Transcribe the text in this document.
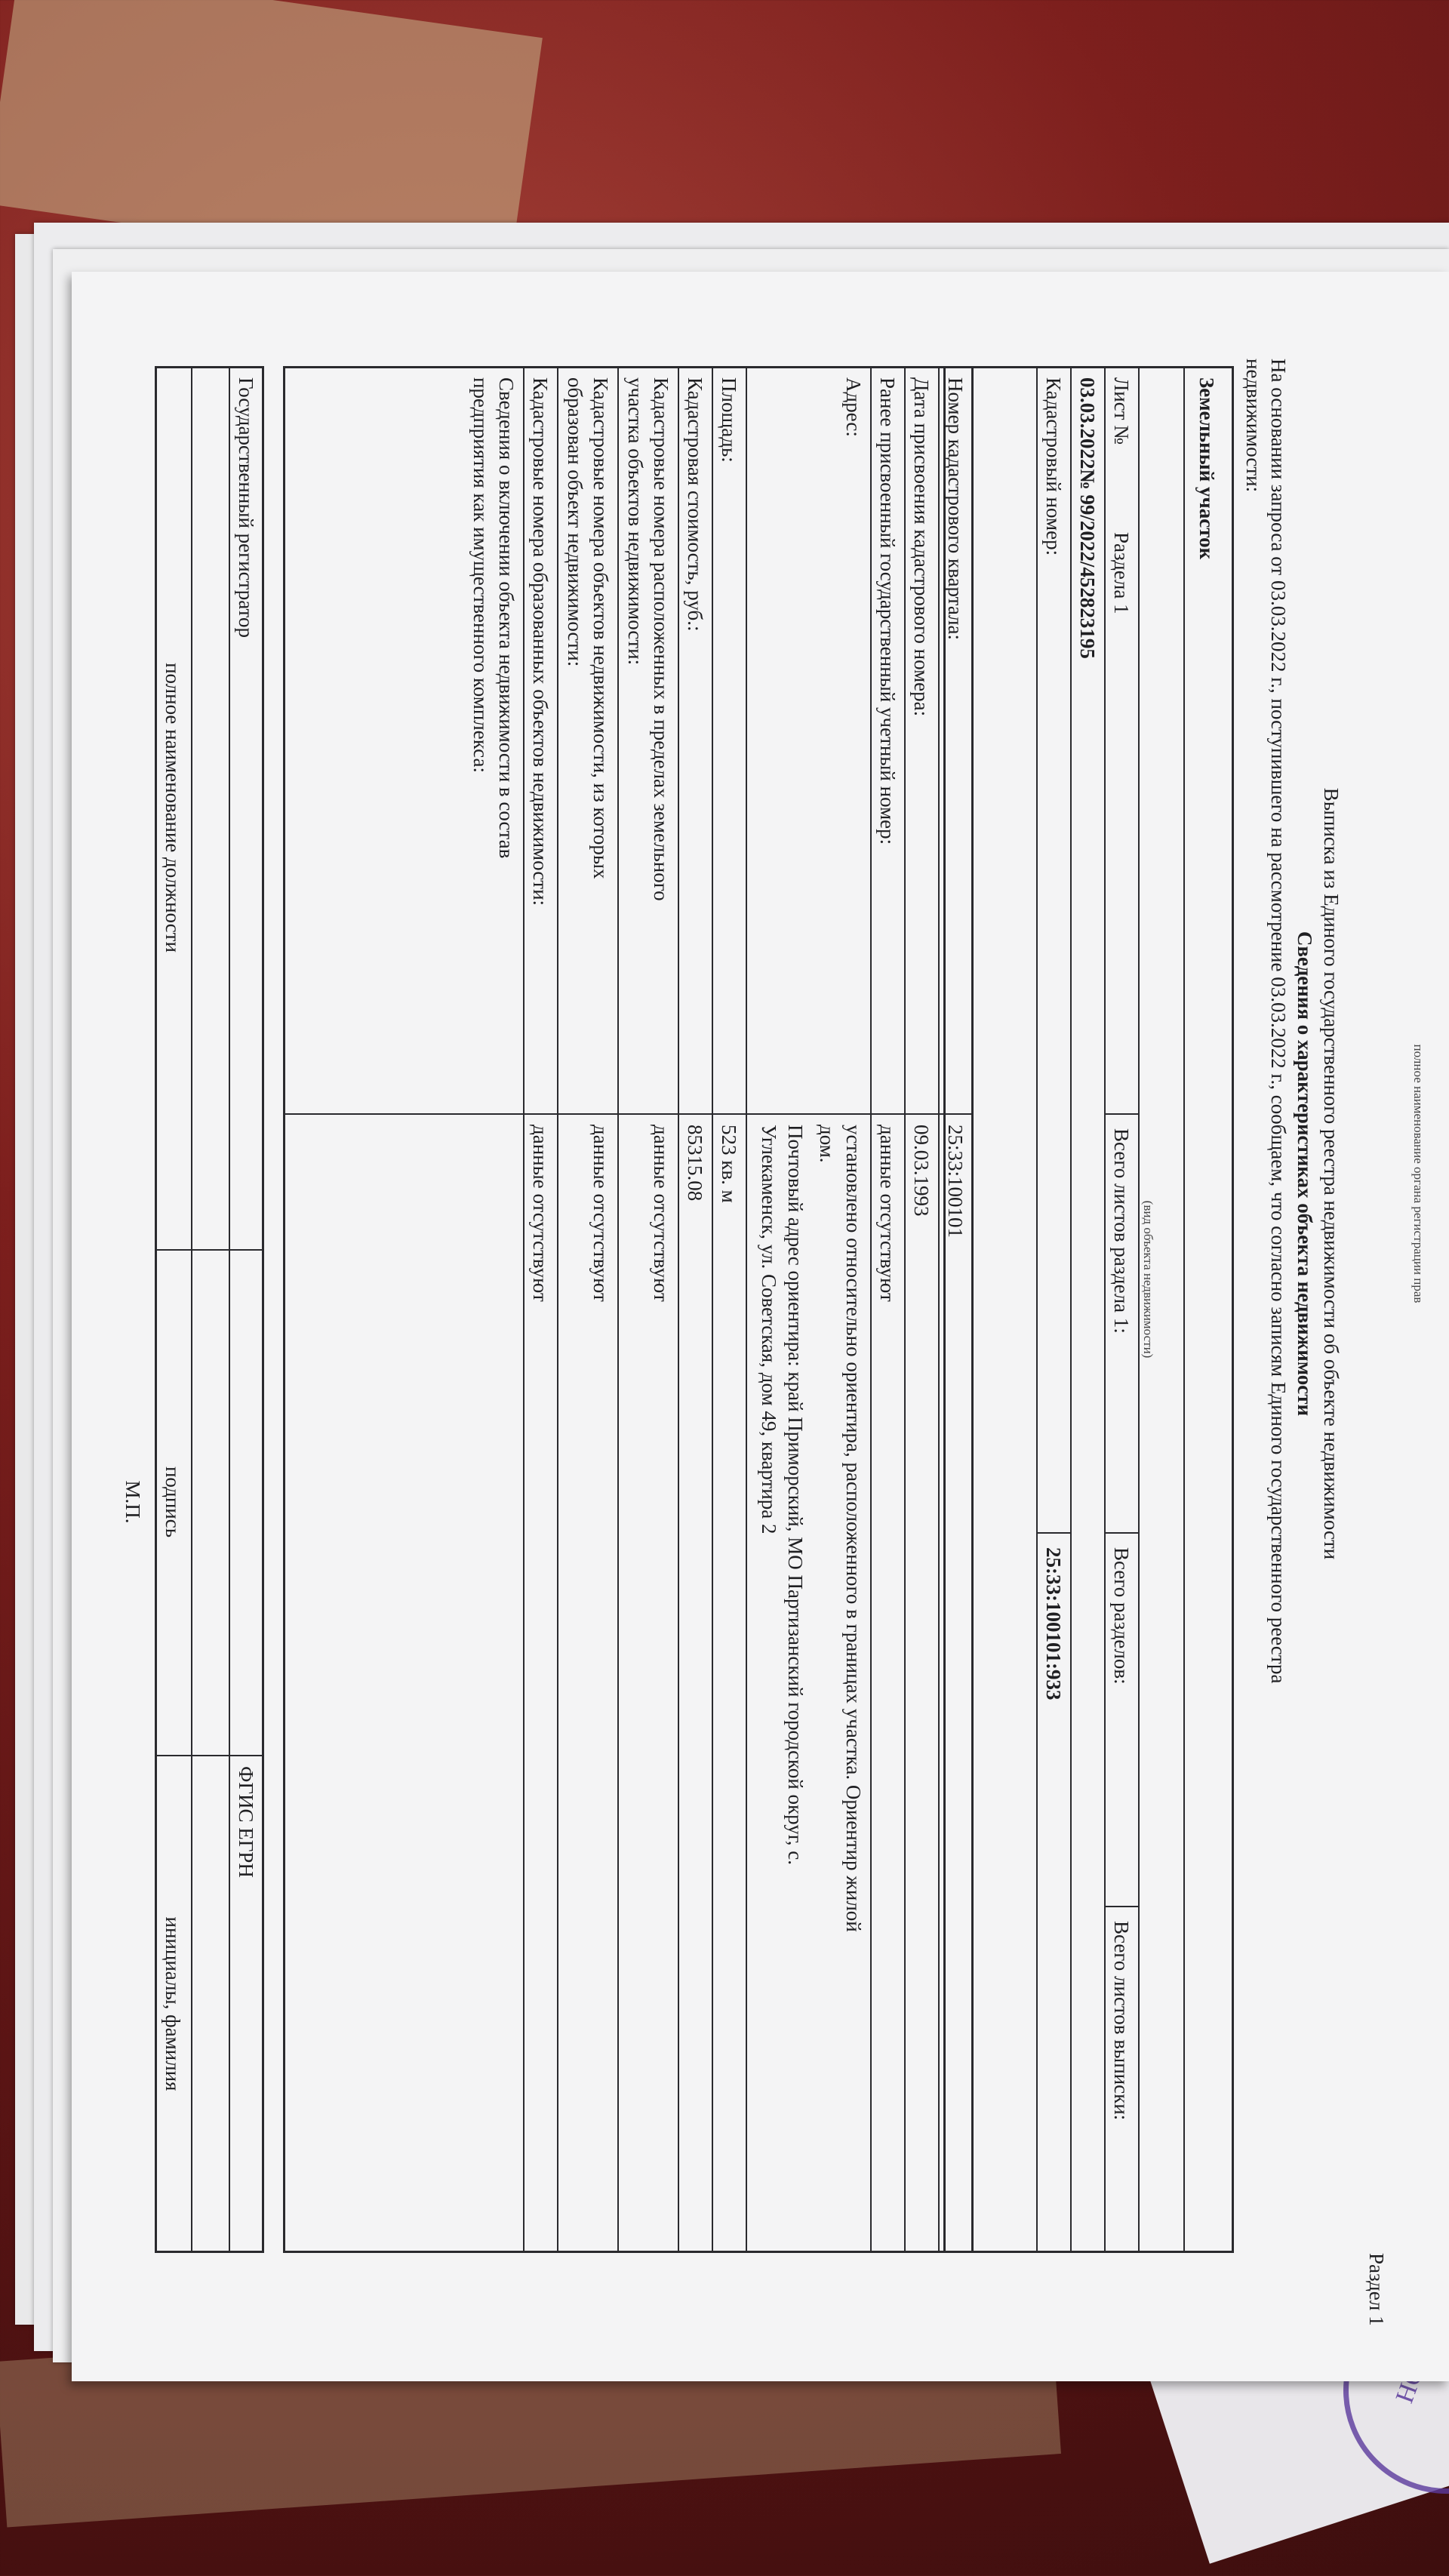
полное наименование органа регистрации прав
Раздел 1
Выписка из Единого государственного реестра недвижимости об объекте недвижимости
Сведения о характеристиках объекта недвижимости
На основании запроса от 03.03.2022 г., поступившего на рассмотрение 03.03.2022 г., сообщаем, что согласно записям Единого государственного реестра
недвижимости:
Земельный участок
(вид объекта недвижимости)
Лист №
Раздела 1
Всего листов раздела 1:
Всего разделов:
Всего листов выписки:
03.03.2022№ 99/2022/452823195
Кадастровый номер:
25:33:100101:933
Номер кадастрового квартала:
25:33:100101
Дата присвоения кадастрового номера:
09.03.1993
Ранее присвоенный государственный учетный номер:
данные отсутствуют
Адрес:
установлено относительно ориентира, расположенного в границах участка. Ориентир жилой
дом.
Почтовый адрес ориентира: край Приморский, МО Партизанский городской округ, с.
Углекаменск, ул. Советская, дом 49, квартира 2
Площадь:
523 кв. м
Кадастровая стоимость, руб.:
85315.08
Кадастровые номера расположенных в пределах земельного
участка объектов недвижимости:
данные отсутствуют
Кадастровые номера объектов недвижимости, из которых
образован объект недвижимости:
данные отсутствуют
Кадастровые номера образованных объектов недвижимости:
данные отсутствуют
Сведения о включении объекта недвижимости в состав
предприятия как имущественного комплекса:
Государственный регистратор
ФГИС ЕГРН
полное наименование должности
подпись
инициалы, фамилия
М.П.
